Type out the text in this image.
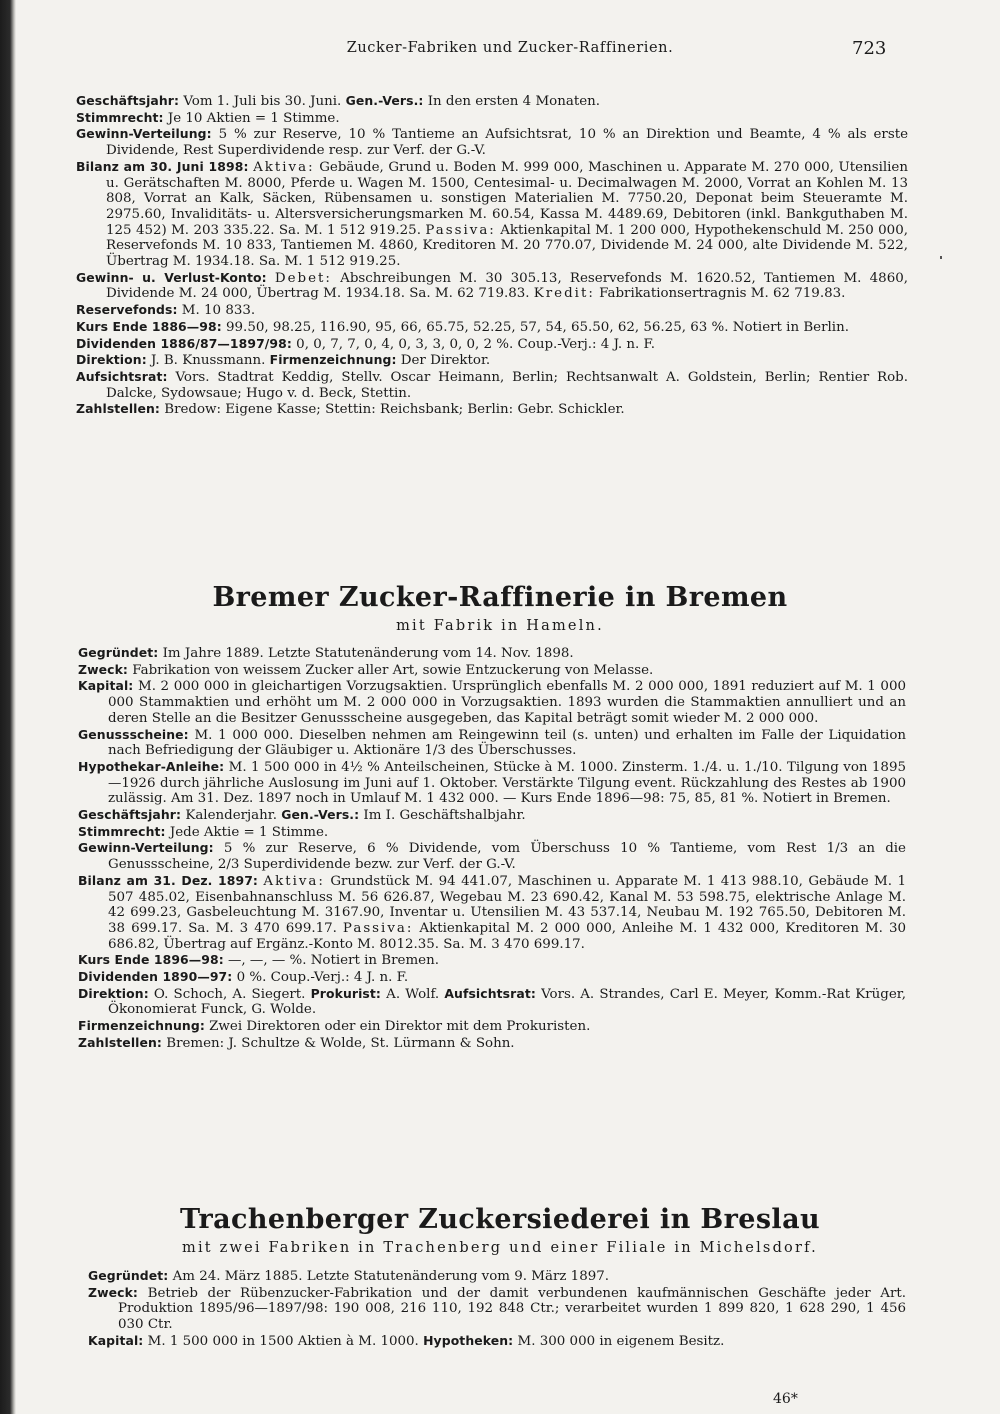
Zucker-Fabriken und Zucker-Raffinerien.	723

Geschäftsjahr: Vom 1. Juli bis 30. Juni. Gen.-Vers.: In den ersten 4 Monaten.

Stimmrecht: Je 10 Aktien = 1 Stimme.

Gewinn-Verteilung: 5 % zur Reserve, 10 % Tantieme an Aufsichtsrat, 10 % an Direktion und Beamte, 4 % als erste Dividende, Rest Superdividende resp. zur Verf. der G.-V.

Bilanz am 30. Juni 1898: Aktiva: Gebäude, Grund u. Boden M. 999 000, Maschinen u. Apparate M. 270 000, Utensilien u. Gerätschaften M. 8000, Pferde u. Wagen M. 1500, Centesimal- u. Decimalwagen M. 2000, Vorrat an Kohlen M. 13 808, Vorrat an Kalk, Säcken, Rübensamen u. sonstigen Materialien M. 7750.20, Deponat beim Steueramte M. 2975.60, Invaliditäts- u. Altersversicherungsmarken M. 60.54, Kassa M. 4489.69, Debitoren (inkl. Bankguthaben M. 125 452) M. 203 335.22. Sa. M. 1 512 919.25. Passiva: Aktienkapital M. 1 200 000, Hypothekenschuld M. 250 000, Reservefonds M. 10 833, Tantiemen M. 4860, Kreditoren M. 20 770.07, Dividende M. 24 000, alte Dividende M. 522, Übertrag M. 1934.18. Sa. M. 1 512 919.25.

Gewinn- u. Verlust-Konto: Debet: Abschreibungen M. 30 305.13, Reservefonds M. 1620.52, Tantiemen M. 4860, Dividende M. 24 000, Übertrag M. 1934.18. Sa. M. 62 719.83. Kredit: Fabrikationsertragnis M. 62 719.83.

Reservefonds: M. 10 833.

Kurs Ende 1886—98: 99.50, 98.25, 116.90, 95, 66, 65.75, 52.25, 57, 54, 65.50, 62, 56.25, 63 %. Notiert in Berlin.

Dividenden 1886/87—1897/98: 0, 0, 7, 7, 0, 4, 0, 3, 3, 0, 0, 2 %. Coup.-Verj.: 4 J. n. F.

Direktion: J. B. Knussmann. Firmenzeichnung: Der Direktor.

Aufsichtsrat: Vors. Stadtrat Keddig, Stellv. Oscar Heimann, Berlin; Rechtsanwalt A. Goldstein, Berlin; Rentier Rob. Dalcke, Sydowsaue; Hugo v. d. Beck, Stettin.

Zahlstellen: Bredow: Eigene Kasse; Stettin: Reichsbank; Berlin: Gebr. Schickler.

Bremer Zucker-Raffinerie in Bremen
mit Fabrik in Hameln.

Gegründet: Im Jahre 1889. Letzte Statutenänderung vom 14. Nov. 1898.

Zweck: Fabrikation von weissem Zucker aller Art, sowie Entzuckerung von Melasse.

Kapital: M. 2 000 000 in gleichartigen Vorzugsaktien. Ursprünglich ebenfalls M. 2 000 000, 1891 reduziert auf M. 1 000 000 Stammaktien und erhöht um M. 2 000 000 in Vorzugsaktien. 1893 wurden die Stammaktien annulliert und an deren Stelle an die Besitzer Genussscheine ausgegeben, das Kapital beträgt somit wieder M. 2 000 000.

Genussscheine: M. 1 000 000. Dieselben nehmen am Reingewinn teil (s. unten) und erhalten im Falle der Liquidation nach Befriedigung der Gläubiger u. Aktionäre 1/3 des Überschusses.

Hypothekar-Anleihe: M. 1 500 000 in 4½ % Anteilscheinen, Stücke à M. 1000. Zinsterm. 1./4. u. 1./10. Tilgung von 1895—1926 durch jährliche Auslosung im Juni auf 1. Oktober. Verstärkte Tilgung event. Rückzahlung des Restes ab 1900 zulässig. Am 31. Dez. 1897 noch in Umlauf M. 1 432 000. — Kurs Ende 1896—98: 75, 85, 81 %. Notiert in Bremen.

Geschäftsjahr: Kalenderjahr. Gen.-Vers.: Im I. Geschäftshalbjahr.

Stimmrecht: Jede Aktie = 1 Stimme.

Gewinn-Verteilung: 5 % zur Reserve, 6 % Dividende, vom Überschuss 10 % Tantieme, vom Rest 1/3 an die Genussscheine, 2/3 Superdividende bezw. zur Verf. der G.-V.

Bilanz am 31. Dez. 1897: Aktiva: Grundstück M. 94 441.07, Maschinen u. Apparate M. 1 413 988.10, Gebäude M. 1 507 485.02, Eisenbahnanschluss M. 56 626.87, Wegebau M. 23 690.42, Kanal M. 53 598.75, elektrische Anlage M. 42 699.23, Gasbeleuchtung M. 3167.90, Inventar u. Utensilien M. 43 537.14, Neubau M. 192 765.50, Debitoren M. 38 699.17. Sa. M. 3 470 699.17. Passiva: Aktienkapital M. 2 000 000, Anleihe M. 1 432 000, Kreditoren M. 30 686.82, Übertrag auf Ergänz.-Konto M. 8012.35. Sa. M. 3 470 699.17.

Kurs Ende 1896—98: —, —, — %. Notiert in Bremen.

Dividenden 1890—97: 0 %. Coup.-Verj.: 4 J. n. F.

Direktion: O. Schoch, A. Siegert. Prokurist: A. Wolf. Aufsichtsrat: Vors. A. Strandes, Carl E. Meyer, Komm.-Rat Krüger, Ökonomierat Funck, G. Wolde.

Firmenzeichnung: Zwei Direktoren oder ein Direktor mit dem Prokuristen.

Zahlstellen: Bremen: J. Schultze & Wolde, St. Lürmann & Sohn.

Trachenberger Zuckersiederei in Breslau
mit zwei Fabriken in Trachenberg und einer Filiale in Michelsdorf.

Gegründet: Am 24. März 1885. Letzte Statutenänderung vom 9. März 1897.

Zweck: Betrieb der Rübenzucker-Fabrikation und der damit verbundenen kaufmännischen Geschäfte jeder Art. Produktion 1895/96—1897/98: 190 008, 216 110, 192 848 Ctr.; verarbeitet wurden 1 899 820, 1 628 290, 1 456 030 Ctr.

Kapital: M. 1 500 000 in 1500 Aktien à M. 1000. Hypotheken: M. 300 000 in eigenem Besitz.

46*
